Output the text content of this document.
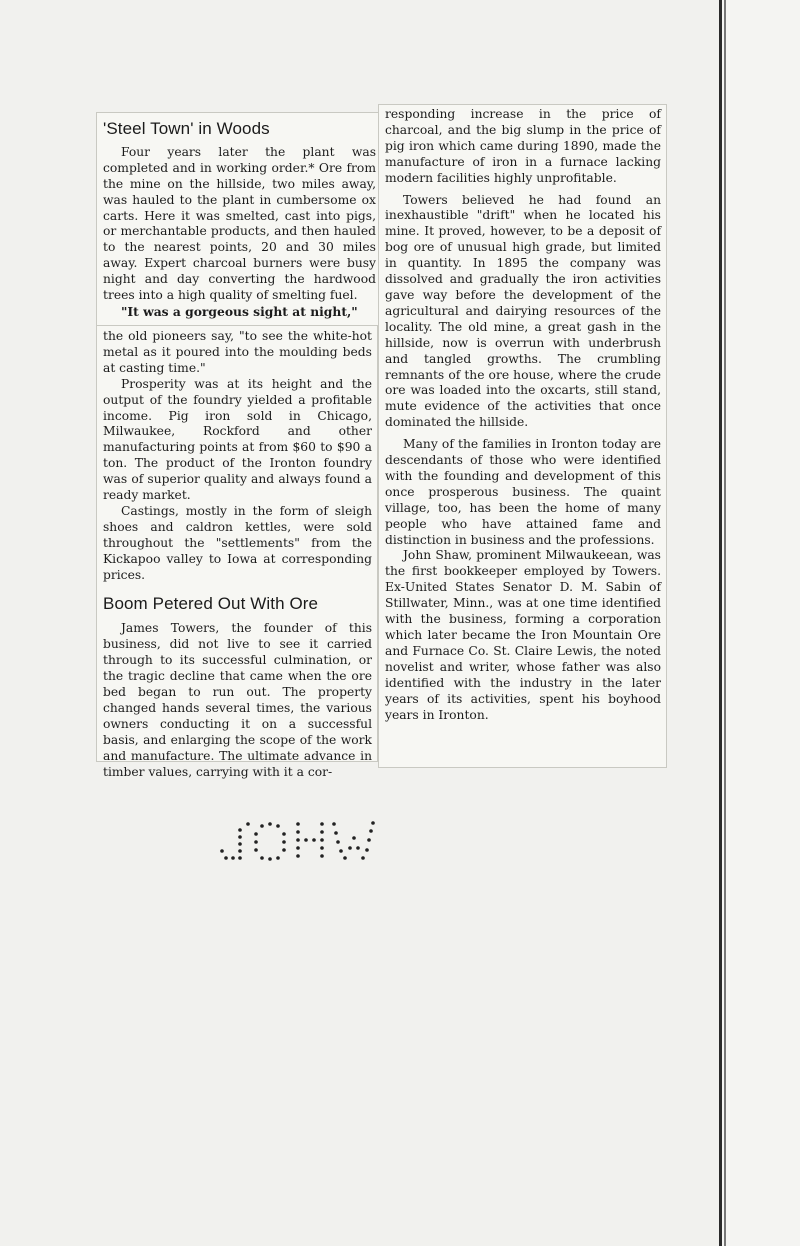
'Steel Town' in Woods

Four years later the plant was completed and in working order.* Ore from the mine on the hillside, two miles away, was hauled to the plant in cumbersome ox carts. Here it was smelted, cast into pigs, or merchantable products, and then hauled to the nearest points, 20 and 30 miles away. Expert charcoal burners were busy night and day converting the hardwood trees into a high quality of smelting fuel.

"It was a gorgeous sight at night,"

the old pioneers say, "to see the white-hot metal as it poured into the moulding beds at casting time."

Prosperity was at its height and the output of the foundry yielded a profitable income. Pig iron sold in Chicago, Milwaukee, Rockford and other manufacturing points at from $60 to $90 a ton. The product of the Ironton foundry was of superior quality and always found a ready market.

Castings, mostly in the form of sleigh shoes and caldron kettles, were sold throughout the "settlements" from the Kickapoo valley to Iowa at corresponding prices.

Boom Petered Out With Ore

James Towers, the founder of this business, did not live to see it carried through to its successful culmination, or the tragic decline that came when the ore bed began to run out. The property changed hands several times, the various owners conducting it on a successful basis, and enlarging the scope of the work and manufacture. The ultimate advance in timber values, carrying with it a cor-

responding increase in the price of charcoal, and the big slump in the price of pig iron which came during 1890, made the manufacture of iron in a furnace lacking modern facilities highly unprofitable.

Towers believed he had found an inexhaustible "drift" when he located his mine. It proved, however, to be a deposit of bog ore of unusual high grade, but limited in quantity. In 1895 the company was dissolved and gradually the iron activities gave way before the development of the agricultural and dairying resources of the locality. The old mine, a great gash in the hillside, now is overrun with underbrush and tangled growths. The crumbling remnants of the ore house, where the crude ore was loaded into the oxcarts, still stand, mute evidence of the activities that once dominated the hillside.

Many of the families in Ironton today are descendants of those who were identified with the founding and development of this once prosperous business. The quaint village, too, has been the home of many people who have attained fame and distinction in business and the professions.

John Shaw, prominent Milwaukeean, was the first bookkeeper employed by Towers. Ex-United States Senator D. M. Sabin of Stillwater, Minn., was at one time identified with the business, forming a corporation which later became the Iron Mountain Ore and Furnace Co. St. Claire Lewis, the noted novelist and writer, whose father was also identified with the industry in the later years of its activities, spent his boyhood years in Ironton.
